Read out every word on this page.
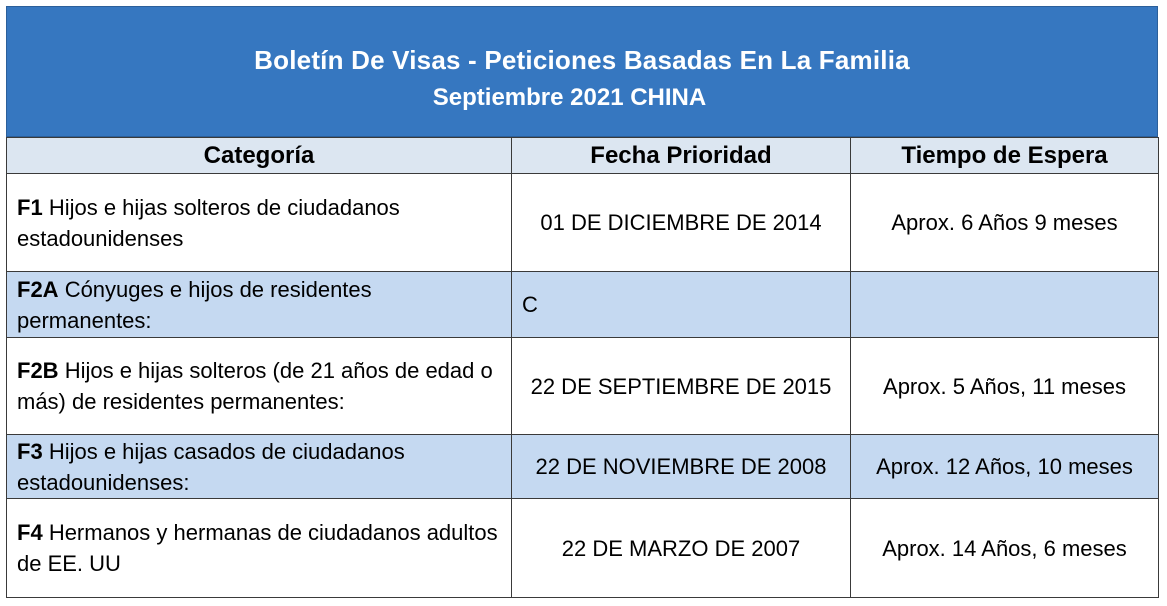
Boletín De Visas - Peticiones Basadas En La Familia
Septiembre 2021 CHINA
Categoría	Fecha Prioridad	Tiempo de Espera
F1 Hijos e hijas solteros de ciudadanos estadounidenses	01 DE DICIEMBRE DE 2014	Aprox. 6 Años 9 meses
F2A Cónyuges e hijos de residentes permanentes:	C	
F2B Hijos e hijas solteros (de 21 años de edad o más) de residentes permanentes:	22 DE SEPTIEMBRE DE 2015	Aprox. 5 Años, 11 meses
F3 Hijos e hijas casados de ciudadanos estadounidenses:	22 DE NOVIEMBRE DE 2008	Aprox. 12 Años, 10 meses
F4 Hermanos y hermanas de ciudadanos adultos de EE. UU	22 DE MARZO DE 2007	Aprox. 14 Años, 6 meses
